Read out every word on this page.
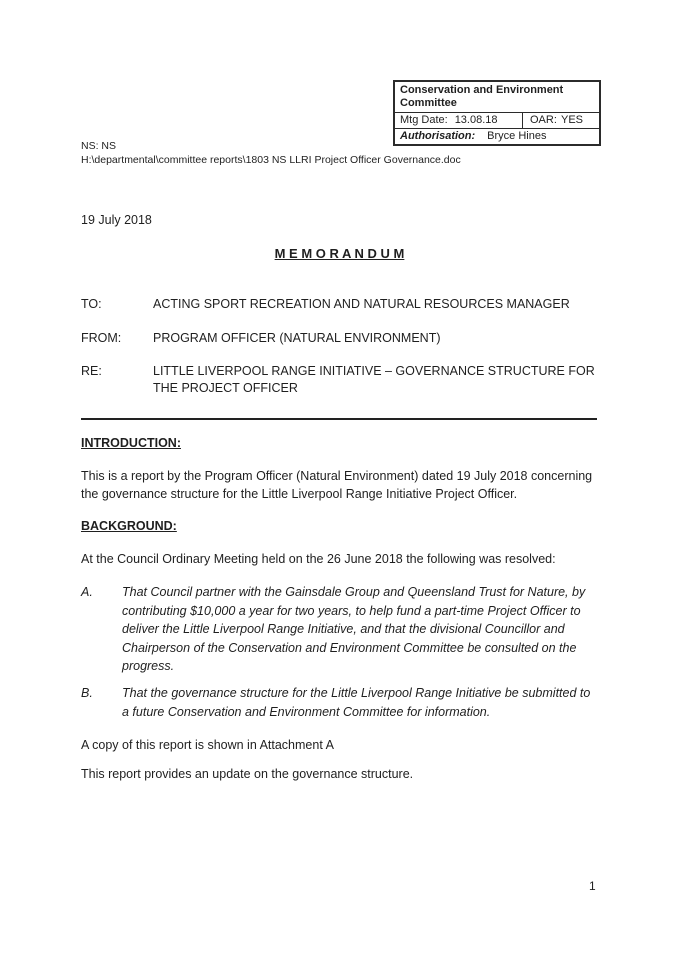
Conservation and Environment Committee
Mtg Date: 13.08.18	OAR: YES
Authorisation: Bryce Hines
NS: NS
H:\departmental\committee reports\1803 NS LLRI Project Officer Governance.doc
19 July 2018
M E M O R A N D U M
TO:	ACTING SPORT RECREATION AND NATURAL RESOURCES MANAGER
FROM:	PROGRAM OFFICER (NATURAL ENVIRONMENT)
RE:	LITTLE LIVERPOOL RANGE INITIATIVE – GOVERNANCE STRUCTURE FOR THE PROJECT OFFICER
INTRODUCTION:
This is a report by the Program Officer (Natural Environment) dated 19 July 2018 concerning the governance structure for the Little Liverpool Range Initiative Project Officer.
BACKGROUND:
At the Council Ordinary Meeting held on the 26 June 2018 the following was resolved:
A.	That Council partner with the Gainsdale Group and Queensland Trust for Nature, by contributing $10,000 a year for two years, to help fund a part-time Project Officer to deliver the Little Liverpool Range Initiative, and that the divisional Councillor and Chairperson of the Conservation and Environment Committee be consulted on the progress.
B.	That the governance structure for the Little Liverpool Range Initiative be submitted to a future Conservation and Environment Committee for information.
A copy of this report is shown in Attachment A
This report provides an update on the governance structure.
1
